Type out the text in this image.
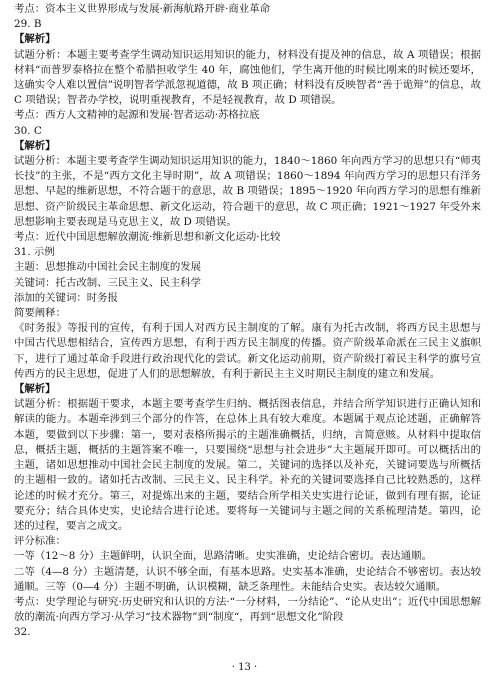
考点：资本主义世界形成与发展·新海航路开辟·商业革命
29. B
【解析】
试题分析：本题主要考查学生调动知识运用知识的能力，材料没有提及神的信息，故 A 项错误；根据材料“而普罗泰格拉在整个希腊担收学生 40 年，腐蚀他们，学生离开他的时候比刚来的时候还要坏，这确实令人难以置信”说明智者学派忽视道德，故 B 项正确；材料没有反映智者“善于诡辩”的信息，故 C 项错误；智者办学校，说明重视教育，不是轻视教育，故 D 项错误。
考点：西方人文精神的起源和发展·智者运动·苏格拉底
30. C
【解析】
试题分析：本题主要考查学生调动知识运用知识的能力，1840～1860 年向西方学习的思想只有“师夷长技”的主张，不是“西方文化主导时期”，故 A 项错误；1860～1894 年向西方学习的思想只有洋务思想、早起的维新思想，不符合题干的意思，故 B 项错误；1895～1920 年向西方学习的思想有维新思想、资产阶级民主革命思想、新文化运动，符合题干的意思，故 C 项正确；1921～1927 年受外来思想影响主要表现是马克思主义，故 D 项错误。
考点：近代中国思想解放潮流·维新思想和新文化运动·比较
31. 示例
主题：思想推动中国社会民主制度的发展
关键词：托古改制、三民主义、民主科学
添加的关键词：时务报
简要阐释：
《时务报》等报刊的宣传，有利于国人对西方民主制度的了解。康有为托古改制，将西方民主思想与中国古代思想相结合，宣传西方思想，有利于西方民主制度的传播。资产阶级革命派在三民主义旗帜下，进行了通过革命手段进行政治现代化的尝试。新文化运动前期，资产阶级打着民主科学的旗号宣传西方的民主思想，促进了人们的思想解放，有利于新民主主义时期民主制度的建立和发展。
【解析】
试题分析：根据题干要求，本题主要考查学生归纳、概括图表信息，并结合所学知识进行正确认知和解读的能力。本题牵涉到三个部分的作答，在总体上具有较大难度。本题属于观点论述题，正确解答本题，要做到以下步骤：第一，要对表格所揭示的主题准确概括，归纳，言简意赅。从材料中提取信息，概括主题，概括的主题答案不唯一，只要围绕“思想与社会进步”大主题展开即可。可以概括出的主题，诸如思想推动中国社会民主制度的发展。第二，关键词的选择以及补充，关键词要选与所概括的主题相一致的。诸如托古改制、三民主义、民主科学。补充的关键词要选择自己比较熟悉的，这样论述的时候才充分。第三，对提炼出来的主题，要结合所学相关史实进行论证，做到有理有据，论证要充分；结合具体史实，史论结合进行论述。要将每一关键词与主题之间的关系梳理清楚。第四，论述的过程，要言之成文。
评分标准：
一等（12～8 分）主题鲜明，认识全面，思路清晰。史实准确，史论结合密切。表达通顺。
二等（4—8 分）主题清楚，认识不够全面，有基本思路。史实基本准确，史论结合不够密切。表达较通顺。三等（0—4 分）主题不明确，认识模糊，缺乏条理性。未能结合史实。表达较欠通顺。
考点：史学理论与研究·历史研究和认识的方法·“一分材料，一分结论”、“论从史出”；近代中国思想解放的潮流·向西方学习·从学习“技术器物”到“制度“，再到“思想文化”阶段
32.
· 13 ·
